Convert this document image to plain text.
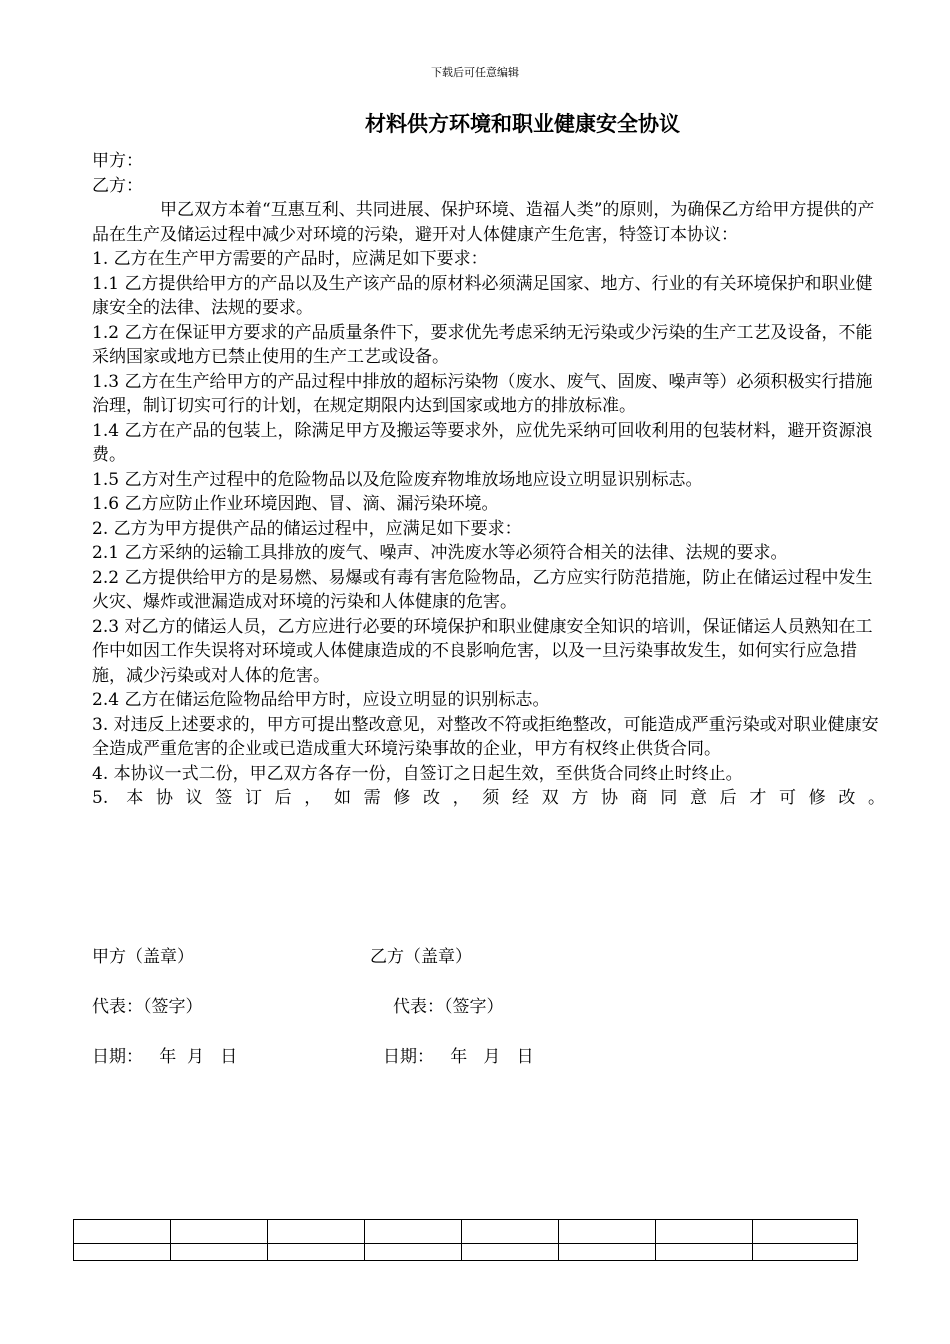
下载后可任意编辑
材料供方环境和职业健康安全协议

甲方：

乙方：

甲乙双方本着“互惠互利、共同进展、保护环境、造福人类”的原则，为确保乙方给甲方提供的产品在生产及储运过程中减少对环境的污染，避开对人体健康产生危害，特签订本协议：

1. 乙方在生产甲方需要的产品时，应满足如下要求：

1.1 乙方提供给甲方的产品以及生产该产品的原材料必须满足国家、地方、行业的有关环境保护和职业健康安全的法律、法规的要求。

1.2 乙方在保证甲方要求的产品质量条件下，要求优先考虑采纳无污染或少污染的生产工艺及设备，不能采纳国家或地方已禁止使用的生产工艺或设备。

1.3 乙方在生产给甲方的产品过程中排放的超标污染物（废水、废气、固废、噪声等）必须积极实行措施治理，制订切实可行的计划，在规定期限内达到国家或地方的排放标准。

1.4 乙方在产品的包装上，除满足甲方及搬运等要求外，应优先采纳可回收利用的包装材料，避开资源浪费。

1.5 乙方对生产过程中的危险物品以及危险废弃物堆放场地应设立明显识别标志。

1.6 乙方应防止作业环境因跑、冒、滴、漏污染环境。

2. 乙方为甲方提供产品的储运过程中，应满足如下要求：

2.1 乙方采纳的运输工具排放的废气、噪声、冲洗废水等必须符合相关的法律、法规的要求。

2.2 乙方提供给甲方的是易燃、易爆或有毒有害危险物品，乙方应实行防范措施，防止在储运过程中发生火灾、爆炸或泄漏造成对环境的污染和人体健康的危害。

2.3 对乙方的储运人员，乙方应进行必要的环境保护和职业健康安全知识的培训，保证储运人员熟知在工作中如因工作失误将对环境或人体健康造成的不良影响危害，以及一旦污染事故发生，如何实行应急措施，减少污染或对人体的危害。

2.4 乙方在储运危险物品给甲方时，应设立明显的识别标志。

3. 对违反上述要求的，甲方可提出整改意见，对整改不符或拒绝整改，可能造成严重污染或对职业健康安全造成严重危害的企业或已造成重大环境污染事故的企业，甲方有权终止供货合同。

4. 本协议一式二份，甲乙双方各存一份，自签订之日起生效，至供货合同终止时终止。

5. 本协议签订后，如需修改，须经双方协商同意后才可修改。

甲方（盖章）	乙方（盖章）
代表：（签字）	代表：（签字）
日期：   年  月   日	日期：   年   月   日
